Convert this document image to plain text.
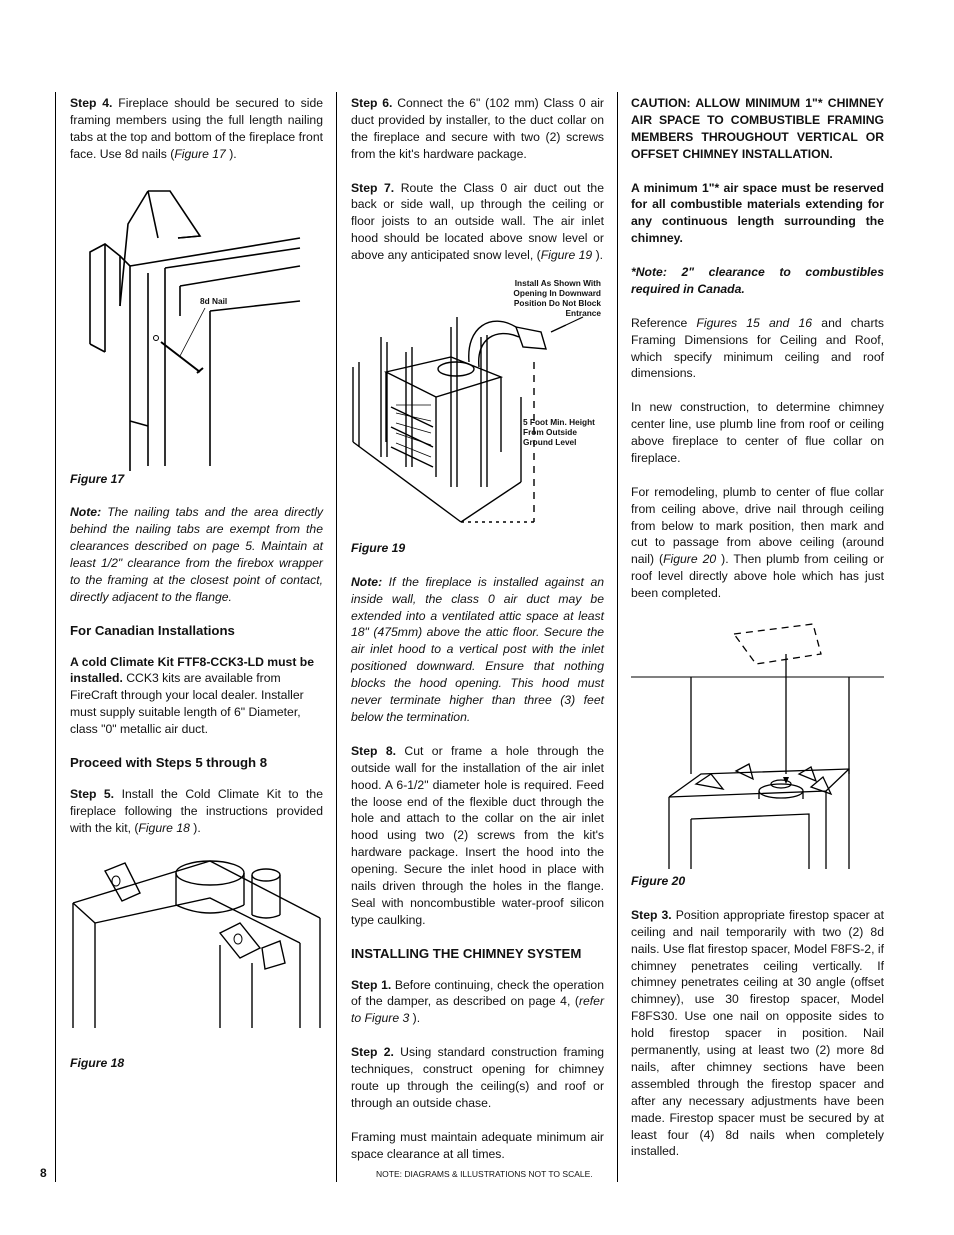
Step 4. Fireplace should be secured to side framing members using the full length nailing tabs at the top and bottom of the fireplace front face. Use 8d nails (Figure 17 ).

8d Nail

Figure 17

Note: The nailing tabs and the area directly behind the nailing tabs are exempt from the clearances described on page 5. Maintain at least 1/2" clearance from the firebox wrapper to the framing at the closest point of contact, directly adjacent to the flange.

For Canadian Installations

A cold Climate Kit FTF8-CCK3-LD must be installed. CCK3 kits are available from FireCraft through your local dealer. Installer must supply suitable length of 6" Diameter, class "0" metallic air duct.

Proceed with Steps 5 through 8

Step 5. Install the Cold Climate Kit to the fireplace following the instructions provided with the kit, (Figure 18 ).

Figure 18

Step 6. Connect the 6" (102 mm) Class 0 air duct provided by installer, to the duct collar on the fireplace and secure with two (2) screws from the kit's hardware package.

Step 7. Route the Class 0 air duct out the back or side wall, up through the ceiling or floor joists to an outside wall. The air inlet hood should be located above snow level or above any anticipated snow level, (Figure 19 ).

Install As Shown With
Opening In Downward
Position Do Not Block
Entrance
5 Foot Min. Height
From Outside
Ground Level

Figure 19

Note: If the fireplace is installed against an inside wall, the class 0 air duct may be extended into a ventilated attic space at least 18" (475mm) above the attic floor. Secure the air inlet hood to a vertical post with the inlet positioned downward. Ensure that nothing blocks the hood opening. This hood must never terminate higher than three (3) feet below the termination.

Step 8. Cut or frame a hole through the outside wall for the installation of the air inlet hood. A 6-1/2" diameter hole is required. Feed the loose end of the flexible duct through the hole and attach to the collar on the air inlet hood using two (2) screws from the kit's hardware package. Insert the hood into the opening. Secure the inlet hood in place with nails driven through the holes in the flange. Seal with noncombustible water-proof silicon type caulking.

INSTALLING THE CHIMNEY SYSTEM

Step 1. Before continuing, check the operation of the damper, as described on page 4, (refer to Figure 3 ).

Step 2. Using standard construction framing techniques, construct opening for chimney route up through the ceiling(s) and roof or through an outside chase.

Framing must maintain adequate minimum air space clearance at all times.

CAUTION: ALLOW MINIMUM 1"* CHIMNEY AIR SPACE TO COMBUSTIBLE FRAMING MEMBERS THROUGHOUT VERTICAL OR OFFSET CHIMNEY INSTALLATION.

A minimum 1"* air space must be reserved for all combustible materials extending for any continuous length surrounding the chimney.

*Note: 2" clearance to combustibles required in Canada.

Reference Figures 15 and 16 and charts Framing Dimensions for Ceiling and Roof, which specify minimum ceiling and roof dimensions.

In new construction, to determine chimney center line, use plumb line from roof or ceiling above fireplace to center of flue collar on fireplace.

For remodeling, plumb to center of flue collar from ceiling above, drive nail through ceiling from below to mark position, then mark and cut to passage from above ceiling (around nail) (Figure 20 ). Then plumb from ceiling or roof level directly above hole which has just been completed.

Figure 20

Step 3. Position appropriate firestop spacer at ceiling and nail temporarily with two (2) 8d nails. Use flat firestop spacer, Model F8FS-2, if chimney penetrates ceiling vertically. If chimney penetrates ceiling at 30 angle (offset chimney), use 30 firestop spacer, Model F8FS30. Use one nail on opposite sides to hold firestop spacer in position. Nail permanently, using at least two (2) more 8d nails, after chimney sections have been assembled through the firestop spacer and after any necessary adjustments have been made. Firestop spacer must be secured by at least four (4) 8d nails when completely installed.

8	NOTE: DIAGRAMS & ILLUSTRATIONS NOT TO SCALE.
